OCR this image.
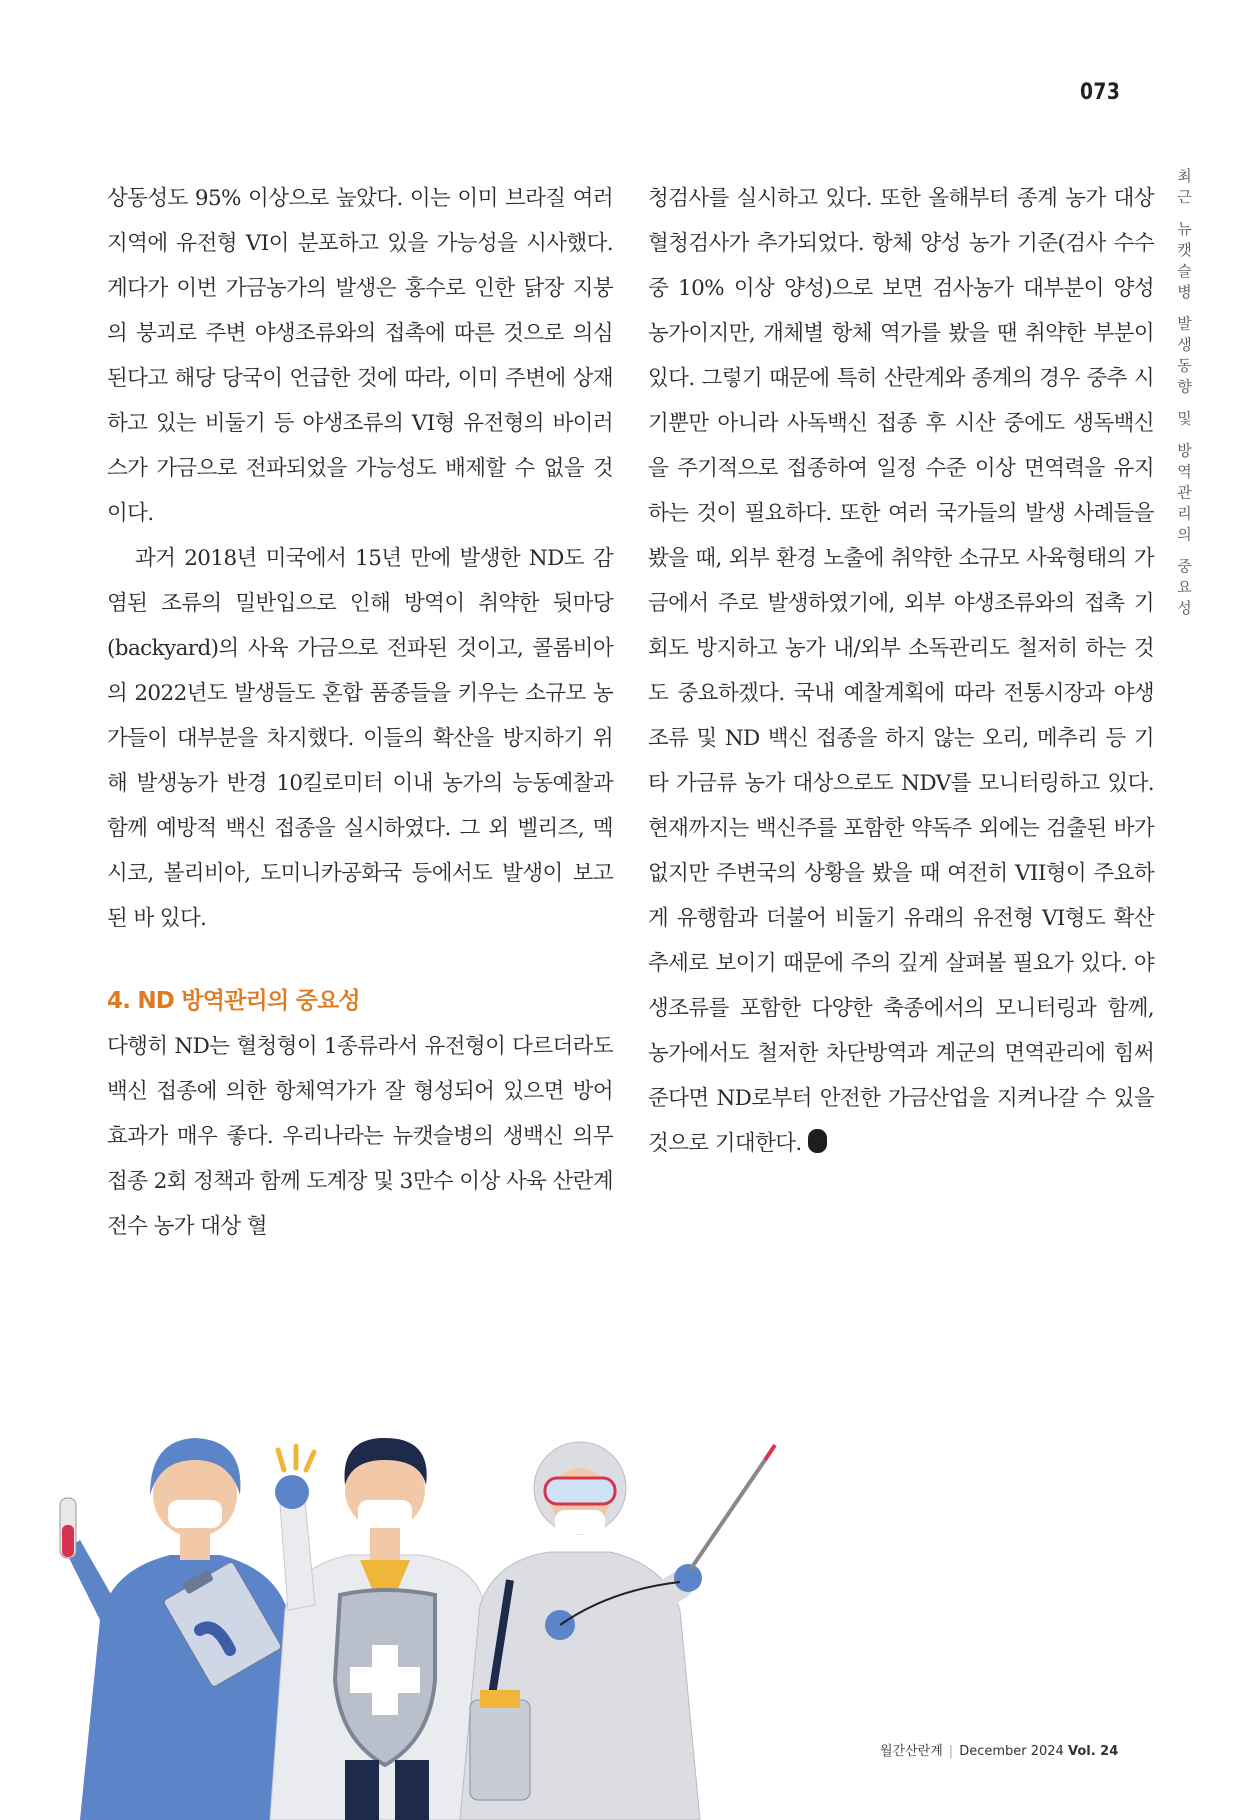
073
최근 뉴캣슬병 발생동향 및 방역관리의 중요성

상동성도 95% 이상으로 높았다. 이는 이미 브라질 여러 지역에 유전형 VI이 분포하고 있을 가능성을 시사했다. 게다가 이번 가금농가의 발생은 홍수로 인한 닭장 지붕의 붕괴로 주변 야생조류와의 접촉에 따른 것으로 의심된다고 해당 당국이 언급한 것에 따라, 이미 주변에 상재하고 있는 비둘기 등 야생조류의 VI형 유전형의 바이러스가 가금으로 전파되었을 가능성도 배제할 수 없을 것이다.

과거 2018년 미국에서 15년 만에 발생한 ND도 감염된 조류의 밀반입으로 인해 방역이 취약한 뒷마당(backyard)의 사육 가금으로 전파된 것이고, 콜롬비아의 2022년도 발생들도 혼합 품종들을 키우는 소규모 농가들이 대부분을 차지했다. 이들의 확산을 방지하기 위해 발생농가 반경 10킬로미터 이내 농가의 능동예찰과 함께 예방적 백신 접종을 실시하였다. 그 외 벨리즈, 멕시코, 볼리비아, 도미니카공화국 등에서도 발생이 보고된 바 있다.

4. ND 방역관리의 중요성

다행히 ND는 혈청형이 1종류라서 유전형이 다르더라도 백신 접종에 의한 항체역가가 잘 형성되어 있으면 방어 효과가 매우 좋다. 우리나라는 뉴캣슬병의 생백신 의무접종 2회 정책과 함께 도계장 및 3만수 이상 사육 산란계 전수 농가 대상 혈

청검사를 실시하고 있다. 또한 올해부터 종계 농가 대상 혈청검사가 추가되었다. 항체 양성 농가 기준(검사 수수 중 10% 이상 양성)으로 보면 검사농가 대부분이 양성 농가이지만, 개체별 항체 역가를 봤을 땐 취약한 부분이 있다. 그렇기 때문에 특히 산란계와 종계의 경우 중추 시기뿐만 아니라 사독백신 접종 후 시산 중에도 생독백신을 주기적으로 접종하여 일정 수준 이상 면역력을 유지하는 것이 필요하다. 또한 여러 국가들의 발생 사례들을 봤을 때, 외부 환경 노출에 취약한 소규모 사육형태의 가금에서 주로 발생하였기에, 외부 야생조류와의 접촉 기회도 방지하고 농가 내/외부 소독관리도 철저히 하는 것도 중요하겠다. 국내 예찰계획에 따라 전통시장과 야생조류 및 ND 백신 접종을 하지 않는 오리, 메추리 등 기타 가금류 농가 대상으로도 NDV를 모니터링하고 있다. 현재까지는 백신주를 포함한 약독주 외에는 검출된 바가 없지만 주변국의 상황을 봤을 때 여전히 VII형이 주요하게 유행함과 더불어 비둘기 유래의 유전형 VI형도 확산 추세로 보이기 때문에 주의 깊게 살펴볼 필요가 있다. 야생조류를 포함한 다양한 축종에서의 모니터링과 함께, 농가에서도 철저한 차단방역과 계군의 면역관리에 힘써 준다면 ND로부터 안전한 가금산업을 지켜나갈 수 있을 것으로 기대한다.

월간산란계 | December 2024 Vol. 24
